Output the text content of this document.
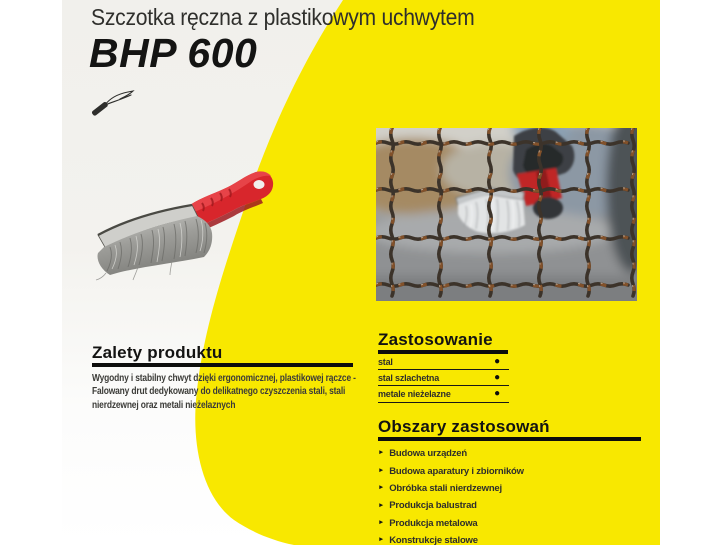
Szczotka ręczna z plastikowym uchwytem
BHP 600
Zalety produktu

Wygodny i stabilny chwyt dzięki ergonomicznej, plastikowej rączce - Falowany drut dedykowany do delikatnego czyszczenia stali, stali nierdzewnej oraz metali nieżelaznych

Zastosowanie
stal	●
stal szlachetna	●
metale nieżelazne	●
Obszary zastosowań
► Budowa urządzeń
► Budowa aparatury i zbiorników
► Obróbka stali nierdzewnej
► Produkcja balustrad
► Produkcja metalowa
► Konstrukcje stalowe
